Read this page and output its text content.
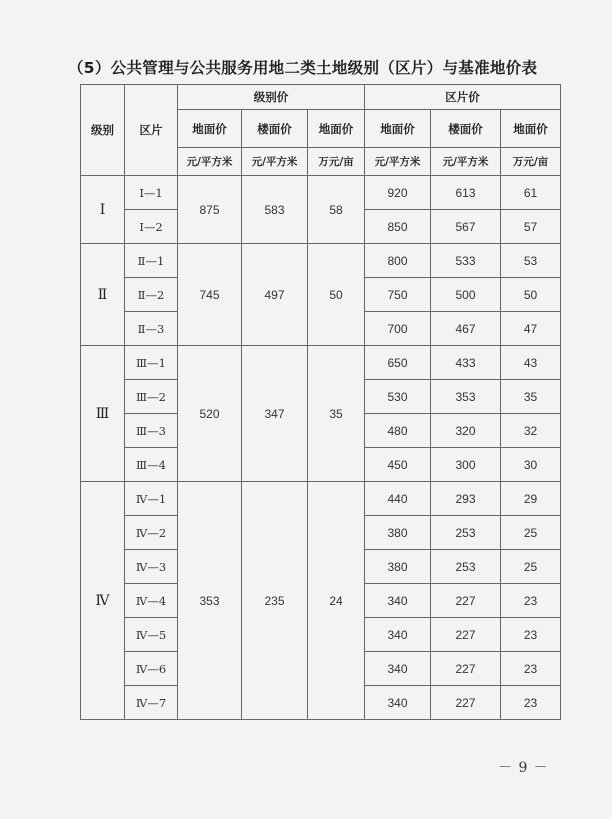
（5）公共管理与公共服务用地二类土地级别（区片）与基准地价表
级别	区片	级别价			区片价		
		地面价	楼面价	地面价	地面价	楼面价	地面价
		元/平方米	元/平方米	万元/亩	元/平方米	元/平方米	万元/亩
Ⅰ	Ⅰ—1	875	583	58	920	613	61
	Ⅰ—2				850	567	57
Ⅱ	Ⅱ—1	745	497	50	800	533	53
	Ⅱ—2				750	500	50
	Ⅱ—3				700	467	47
Ⅲ	Ⅲ—1	520	347	35	650	433	43
	Ⅲ—2				530	353	35
	Ⅲ—3				480	320	32
	Ⅲ—4				450	300	30
Ⅳ	Ⅳ—1	353	235	24	440	293	29
	Ⅳ—2				380	253	25
	Ⅳ—3				380	253	25
	Ⅳ—4				340	227	23
	Ⅳ—5				340	227	23
	Ⅳ—6				340	227	23
	Ⅳ—7				340	227	23
－ 9 －
